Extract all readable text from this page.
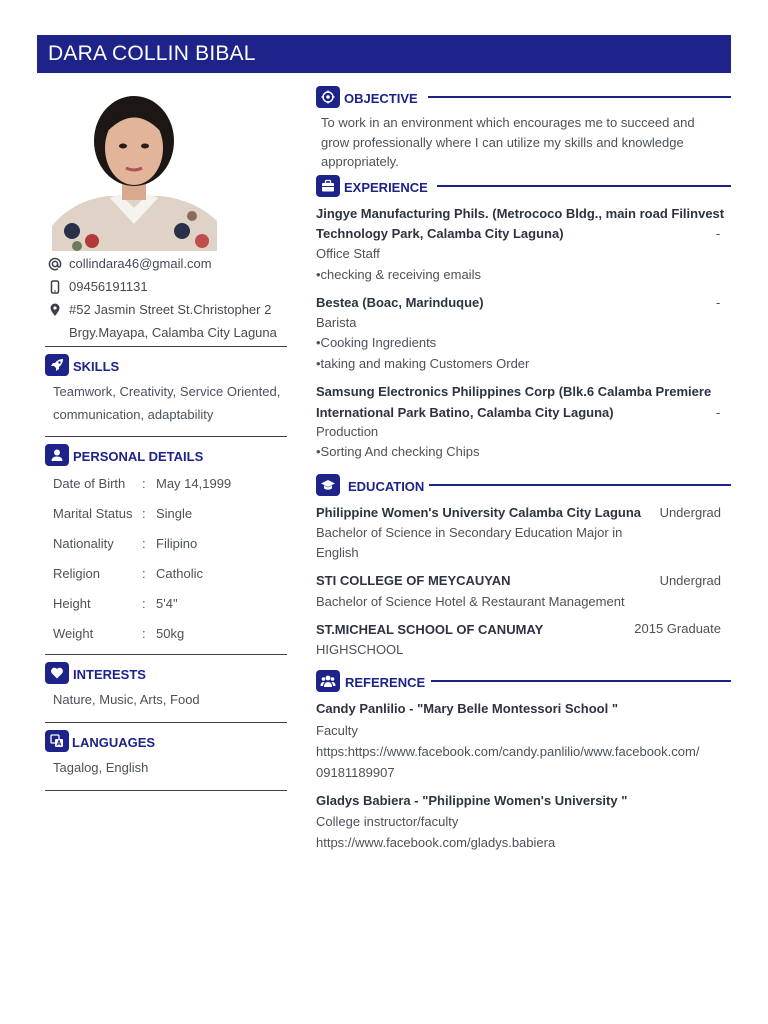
DARA COLLIN BIBAL
collindara46@gmail.com
09456191131
#52 Jasmin Street St.Christopher 2
Brgy.Mayapa, Calamba City Laguna
SKILLS
Teamwork, Creativity, Service Oriented,
communication, adaptability
PERSONAL DETAILS
Date of Birth : May 14,1999
Marital Status : Single
Nationality : Filipino
Religion	: Catholic
Height	: 5'4"
Weight	: 50kg
INTERESTS
Nature, Music, Arts, Food
LANGUAGES
Tagalog, English
OBJECTIVE
To work in an environment which encourages me to succeed and
grow professionally where I can utilize my skills and knowledge
appropriately.
EXPERIENCE
Jingye Manufacturing Phils. (Metrococo Bldg., main road Filinvest
Technology Park, Calamba City Laguna)	-
Office Staff
•checking & receiving emails
Bestea (Boac, Marinduque)	-
Barista
•Cooking Ingredients
•taking and making Customers Order
Samsung Electronics Philippines Corp (Blk.6 Calamba Premiere
International Park Batino, Calamba City Laguna)	-
Production
•Sorting And checking Chips
EDUCATION
Philippine Women's University Calamba City Laguna Undergrad
Bachelor of Science in Secondary Education Major in
English
STI COLLEGE OF MEYCAUYAN	Undergrad
Bachelor of Science Hotel & Restaurant Management
ST.MICHEAL SCHOOL OF CANUMAY	2015 Graduate
HIGHSCHOOL
REFERENCE
Candy Panlilio - "Mary Belle Montessori School "
Faculty
https:https://www.facebook.com/candy.panlilio/www.facebook.com/
09181189907
Gladys Babiera - "Philippine Women's University "
College instructor/faculty
https://www.facebook.com/gladys.babiera
